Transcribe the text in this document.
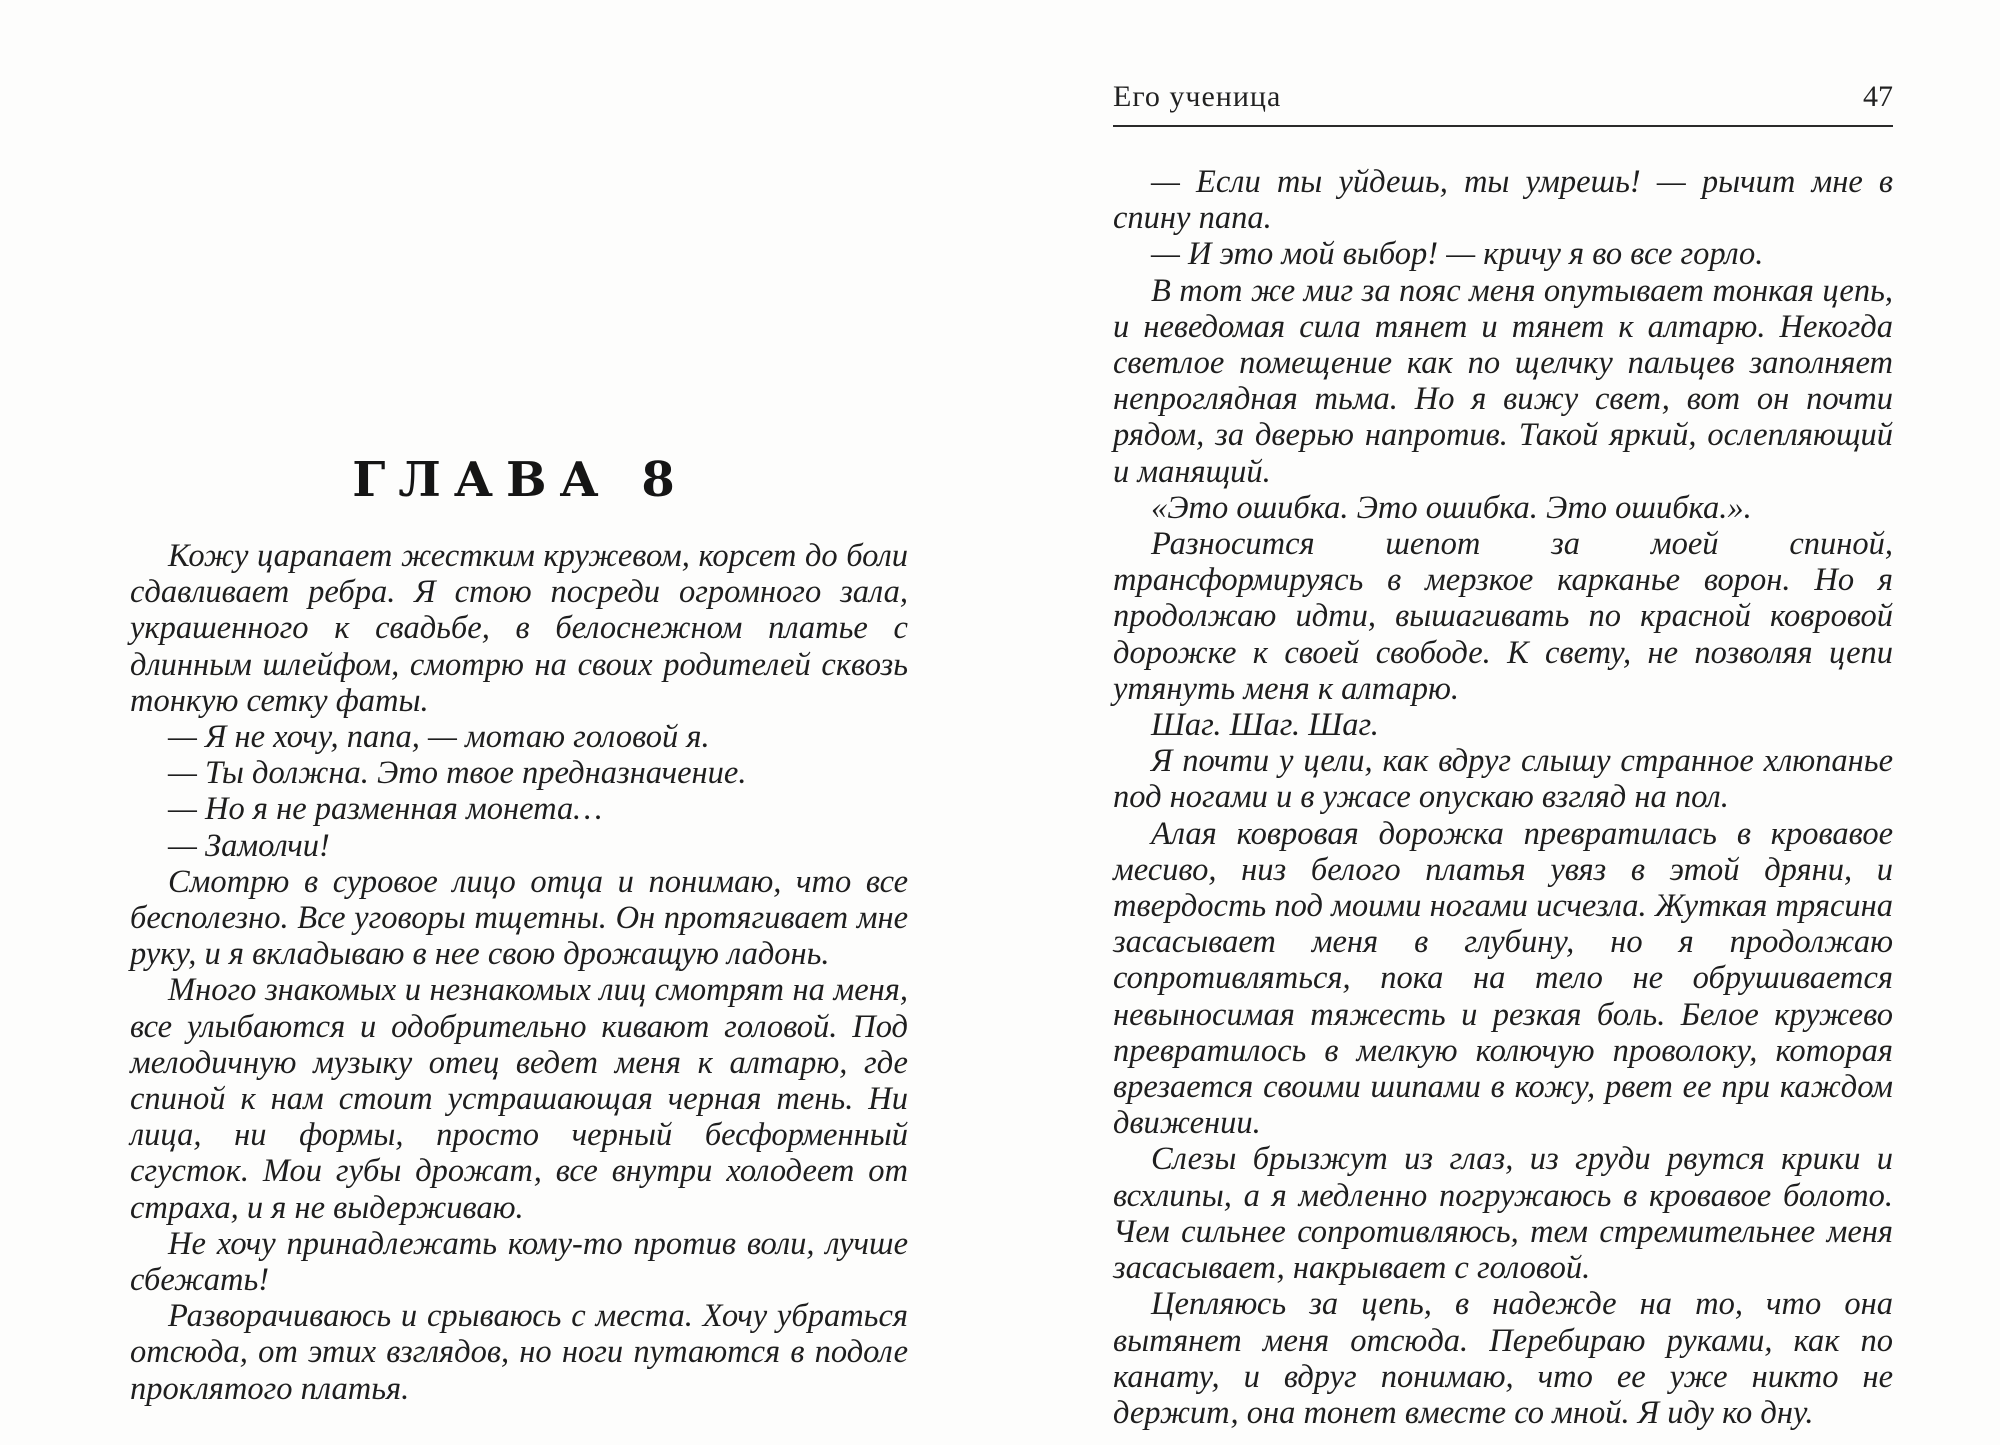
ГЛАВА 8

Кожу царапает жестким кружевом, корсет до боли сдавливает ребра. Я стою посреди огромного зала, украшенного к свадьбе, в белоснежном платье с длинным шлейфом, смотрю на своих родителей сквозь тонкую сетку фаты.

— Я не хочу, папа, — мотаю головой я.

— Ты должна. Это твое предназначение.

— Но я не разменная монета…

— Замолчи!

Смотрю в суровое лицо отца и понимаю, что все бесполезно. Все уговоры тщетны. Он протягивает мне руку, и я вкладываю в нее свою дрожащую ладонь.

Много знакомых и незнакомых лиц смотрят на меня, все улыбаются и одобрительно кивают головой. Под мелодичную музыку отец ведет меня к алтарю, где спиной к нам стоит устрашающая черная тень. Ни лица, ни формы, просто черный бесформенный сгусток. Мои губы дрожат, все внутри холодеет от страха, и я не выдерживаю.

Не хочу принадлежать кому-то против воли, лучше сбежать!

Разворачиваюсь и срываюсь с места. Хочу убраться отсюда, от этих взглядов, но ноги путаются в подоле проклятого платья.

Его ученица	47

— Если ты уйдешь, ты умрешь! — рычит мне в спину папа.

— И это мой выбор! — кричу я во все горло.

В тот же миг за пояс меня опутывает тонкая цепь, и неведомая сила тянет и тянет к алтарю. Некогда светлое помещение как по щелчку пальцев заполняет непроглядная тьма. Но я вижу свет, вот он почти рядом, за дверью напротив. Такой яркий, ослепляющий и манящий.

«Это ошибка. Это ошибка. Это ошибка.».

Разносится шепот за моей спиной, трансформируясь в мерзкое карканье ворон. Но я продолжаю идти, вышагивать по красной ковровой дорожке к своей свободе. К свету, не позволяя цепи утянуть меня к алтарю.

Шаг. Шаг. Шаг.

Я почти у цели, как вдруг слышу странное хлюпанье под ногами и в ужасе опускаю взгляд на пол.

Алая ковровая дорожка превратилась в кровавое месиво, низ белого платья увяз в этой дряни, и твердость под моими ногами исчезла. Жуткая трясина засасывает меня в глубину, но я продолжаю сопротивляться, пока на тело не обрушивается невыносимая тяжесть и резкая боль. Белое кружево превратилось в мелкую колючую проволоку, которая врезается своими шипами в кожу, рвет ее при каждом движении.

Слезы брызжут из глаз, из груди рвутся крики и всхлипы, а я медленно погружаюсь в кровавое болото. Чем сильнее сопротивляюсь, тем стремительнее меня засасывает, накрывает с головой.

Цепляюсь за цепь, в надежде на то, что она вытянет меня отсюда. Перебираю руками, как по канату, и вдруг понимаю, что ее уже никто не держит, она тонет вместе со мной. Я иду ко дну.
